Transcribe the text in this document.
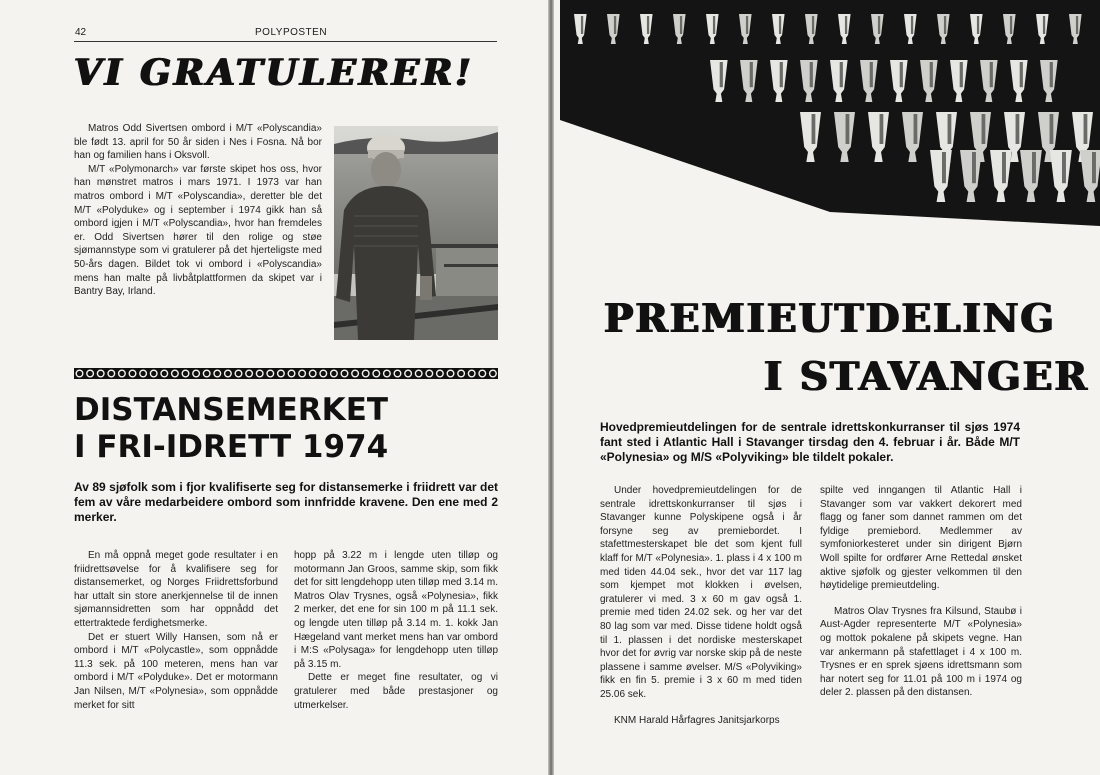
42	POLYPOSTEN
VI GRATULERER!

Matros Odd Sivertsen ombord i M/T «Polyscandia» ble født 13. april for 50 år siden i Nes i Fosna. Nå bor han og familien hans i Oksvoll.

M/T «Polymonarch» var første skipet hos oss, hvor han mønstret matros i mars 1971. I 1973 var han matros ombord i M/T «Polyscandia», deretter ble det M/T «Polyduke» og i september i 1974 gikk han så ombord igjen i M/T «Polyscandia», hvor han fremdeles er. Odd Sivertsen hører til den rolige og støe sjømannstype som vi gratulerer på det hjerteligste med 50-års dagen. Bildet tok vi ombord i «Polyscandia» mens han malte på livbåtplattformen da skipet var i Bantry Bay, Irland.

DISTANSEMERKET
I FRI-IDRETT 1974

Av 89 sjøfolk som i fjor kvalifiserte seg for distansemerke i friidrett var det fem av våre medarbeidere ombord som innfridde kravene. Den ene med 2 merker.

En må oppnå meget gode resultater i en friidrettsøvelse for å kvalifisere seg for distansemerket, og Norges Friidrettsforbund har uttalt sin store anerkjennelse til de innen sjømannsidretten som har oppnådd det ettertraktede ferdighetsmerke.

Det er stuert Willy Hansen, som nå er ombord i M/T «Polycastle», som oppnådde 11.3 sek. på 100 meteren, mens han var ombord i M/T «Polyduke». Det er motormann Jan Nilsen, M/T «Polynesia», som oppnådde merket for sitt

hopp på 3.22 m i lengde uten tilløp og motormann Jan Groos, samme skip, som fikk det for sitt lengdehopp uten tilløp med 3.14 m. Matros Olav Trysnes, også «Polynesia», fikk 2 merker, det ene for sin 100 m på 11.1 sek. og lengde uten tilløp på 3.14 m. 1. kokk Jan Hægeland vant merket mens han var ombord i M:S «Polysaga» for lengdehopp uten tilløp på 3.15 m.

Dette er meget fine resultater, og vi gratulerer med både prestasjoner og utmerkelser.

PREMIEUTDELING
I STAVANGER

Hovedpremieutdelingen for de sentrale idrettskonkurranser til sjøs 1974 fant sted i Atlantic Hall i Stavanger tirsdag den 4. februar i år. Både M/T «Polynesia» og M/S «Polyviking» ble tildelt pokaler.

Under hovedpremieutdelingen for de sentrale idrettskonkurranser til sjøs i Stavanger kunne Polyskipene også i år forsyne seg av premiebordet. I stafettmesterskapet ble det som kjent full klaff for M/T «Polynesia». 1. plass i 4 x 100 m med tiden 44.04 sek., hvor det var 117 lag som kjempet mot klokken i øvelsen, gratulerer vi med. 3 x 60 m gav også 1. premie med tiden 24.02 sek. og her var det 80 lag som var med. Disse tidene holdt også til 1. plassen i det nordiske mesterskapet hvor det for øvrig var norske skip på de neste plassene i samme øvelser. M/S «Polyviking» fikk en fin 5. premie i 3 x 60 m med tiden 25.06 sek.

KNM Harald Hårfagres Janitsjarkorps

spilte ved inngangen til Atlantic Hall i Stavanger som var vakkert dekorert med flagg og faner som dannet rammen om det fyldige premiebord. Medlemmer av symfoniorkesteret under sin dirigent Bjørn Woll spilte for ordfører Arne Rettedal ønsket aktive sjøfolk og gjester velkommen til den høytidelige premieutdeling.

Matros Olav Trysnes fra Kilsund, Staubø i Aust-Agder representerte M/T «Polynesia» og mottok pokalene på skipets vegne. Han var ankermann på stafettlaget i 4 x 100 m. Trysnes er en sprek sjøens idrettsmann som har notert seg for 11.01 på 100 m i 1974 og deler 2. plassen på den distansen.
